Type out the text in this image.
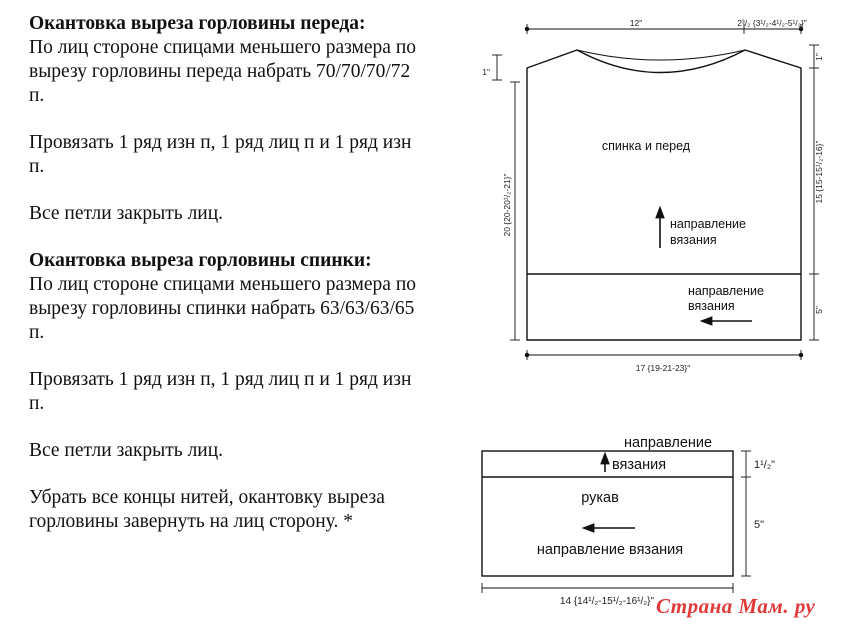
Окантовка выреза горловины переда:

По лиц стороне спицами меньшего размера по вырезу горловины переда набрать 70/70/70/72 п.

Провязать 1 ряд изн п, 1 ряд лиц п и 1 ряд изн п.

Все петли закрыть лиц.

Окантовка выреза горловины спинки:

По лиц стороне спицами меньшего размера по вырезу горловины спинки набрать 63/63/63/65 п.

Провязать 1 ряд изн п, 1 ряд лиц п и 1 ряд изн п.

Все петли закрыть лиц.

Убрать все концы нитей, окантовку выреза горловины завернуть на лиц сторону. *

12"	2³/₂ {3¹/₂-4¹/₂-5¹/₂}"
1"
20 {20-20¹/₂-21}"
1"
15 {15-15¹/₂-16}"
5"
17 {19-21-23}"
спинка и перед
направление
вязания
направление
вязания
направление
вязания
рукав
направление вязания
1¹/₂"
5"
14 {14¹/₂-15¹/₂-16¹/₂}" Страна Мам. ру
